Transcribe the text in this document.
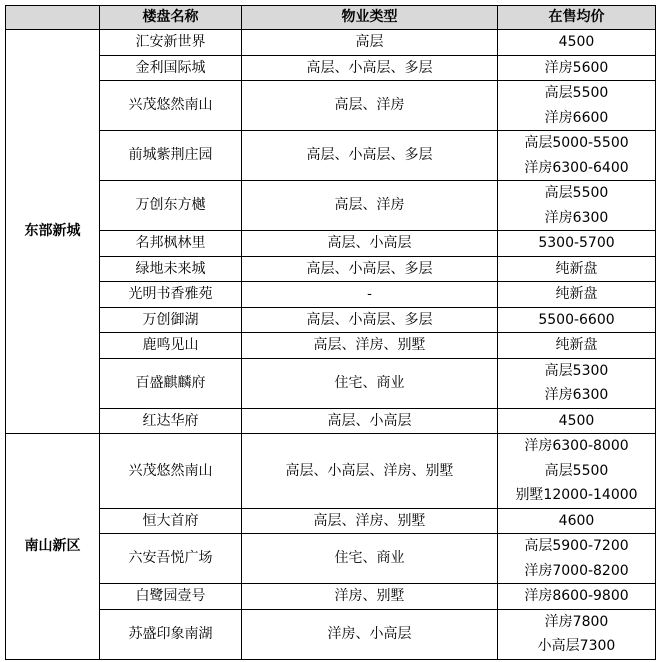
	楼盘名称	物业类型	在售均价
东部新城	汇安新世界	高层	4500

	金利国际城	高层、小高层、多层	洋房5600

	兴茂悠然南山	高层、洋房	高层5500
洋房6600

	前城紫荆庄园	高层、小高层、多层	高层5000-5500
洋房6300-6400

	万创东方樾	高层、洋房	高层5500
洋房6300

	名邦枫林里	高层、小高层	5300-5700

	绿地未来城	高层、小高层、多层	纯新盘

	光明书香雅苑	-	纯新盘

	万创御湖	高层、小高层、多层	5500-6600

	鹿鸣见山	高层、洋房、别墅	纯新盘

	百盛麒麟府	住宅、商业	高层5300
洋房6300

	红达华府	高层、小高层	4500

南山新区	兴茂悠然南山	高层、小高层、洋房、别墅	洋房6300-8000
高层5500
别墅12000-14000

	恒大首府	高层、洋房、别墅	4600

	六安吾悦广场	住宅、商业	高层5900-7200
洋房7000-8200

	白鹭园壹号	洋房、别墅	洋房8600-9800

	苏盛印象南湖	洋房、小高层	洋房7800
小高层7300
